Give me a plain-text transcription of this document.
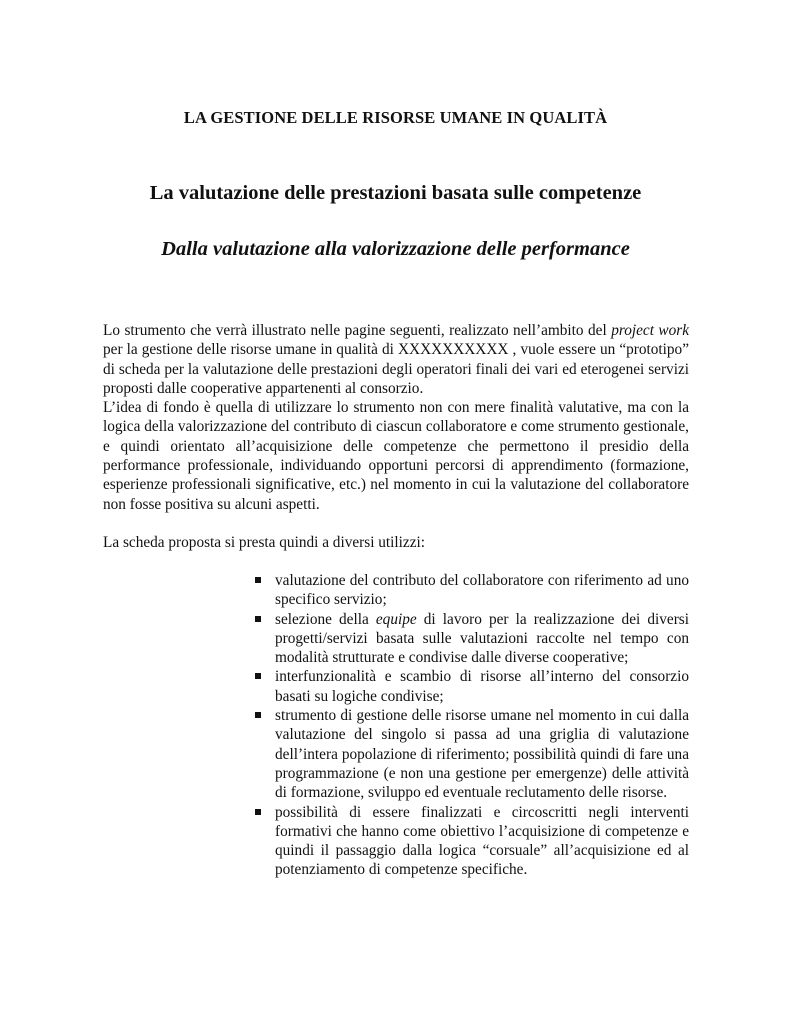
LA GESTIONE DELLE RISORSE UMANE IN QUALITÀ
La valutazione delle prestazioni basata sulle competenze
Dalla valutazione alla valorizzazione delle performance

Lo strumento che verrà illustrato nelle pagine seguenti, realizzato nell’ambito del project work per la gestione delle risorse umane in qualità di XXXXXXXXXX , vuole essere un “prototipo” di scheda per la valutazione delle prestazioni degli operatori finali dei vari ed eterogenei servizi proposti dalle cooperative appartenenti al consorzio.

L’idea di fondo è quella di utilizzare lo strumento non con mere finalità valutative, ma con la logica della valorizzazione del contributo di ciascun collaboratore e come strumento gestionale, e quindi orientato all’acquisizione delle competenze che permettono il presidio della performance professionale, individuando opportuni percorsi di apprendimento (formazione, esperienze professionali significative, etc.) nel momento in cui la valutazione del collaboratore non fosse positiva su alcuni aspetti.

La scheda proposta si presta quindi a diversi utilizzi:

valutazione del contributo del collaboratore con riferimento ad uno specifico servizio;
selezione della equipe di lavoro per la realizzazione dei diversi progetti/servizi basata sulle valutazioni raccolte nel tempo con modalità strutturate e condivise dalle diverse cooperative;
interfunzionalità e scambio di risorse all’interno del consorzio basati su logiche condivise;
strumento di gestione delle risorse umane nel momento in cui dalla valutazione del singolo si passa ad una griglia di valutazione dell’intera popolazione di riferimento; possibilità quindi di fare una programmazione (e non una gestione per emergenze) delle attività di formazione, sviluppo ed eventuale reclutamento delle risorse.
possibilità di essere finalizzati e circoscritti negli interventi formativi che hanno come obiettivo l’acquisizione di competenze e quindi il passaggio dalla logica “corsuale” all’acquisizione ed al potenziamento di competenze specifiche.
